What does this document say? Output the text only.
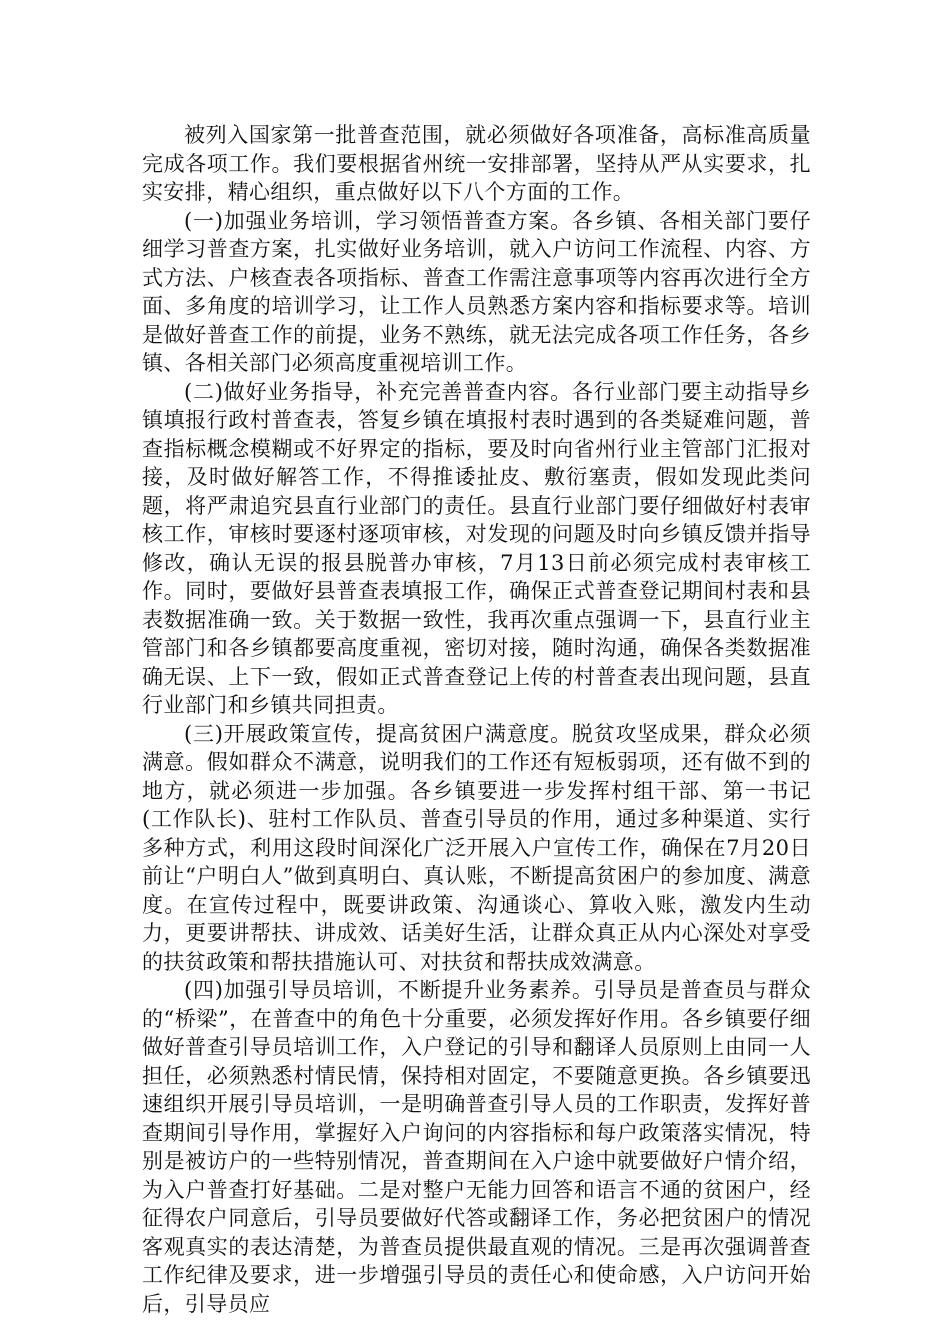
被列入国家第一批普查范围，就必须做好各项准备，高标准高质量完成各项工作。我们要根据省州统一安排部署，坚持从严从实要求，扎实安排，精心组织，重点做好以下八个方面的工作。

(一)加强业务培训，学习领悟普查方案。各乡镇、各相关部门要仔细学习普查方案，扎实做好业务培训，就入户访问工作流程、内容、方式方法、户核查表各项指标、普查工作需注意事项等内容再次进行全方面、多角度的培训学习，让工作人员熟悉方案内容和指标要求等。培训是做好普查工作的前提，业务不熟练，就无法完成各项工作任务，各乡镇、各相关部门必须高度重视培训工作。

(二)做好业务指导，补充完善普查内容。各行业部门要主动指导乡镇填报行政村普查表，答复乡镇在填报村表时遇到的各类疑难问题，普查指标概念模糊或不好界定的指标，要及时向省州行业主管部门汇报对接，及时做好解答工作，不得推诿扯皮、敷衍塞责，假如发现此类问题，将严肃追究县直行业部门的责任。县直行业部门要仔细做好村表审核工作，审核时要逐村逐项审核，对发现的问题及时向乡镇反馈并指导修改，确认无误的报县脱普办审核，7月13日前必须完成村表审核工作。同时，要做好县普查表填报工作，确保正式普查登记期间村表和县表数据准确一致。关于数据一致性，我再次重点强调一下，县直行业主管部门和各乡镇都要高度重视，密切对接，随时沟通，确保各类数据准确无误、上下一致，假如正式普查登记上传的村普查表出现问题，县直行业部门和乡镇共同担责。

(三)开展政策宣传，提高贫困户满意度。脱贫攻坚成果，群众必须满意。假如群众不满意，说明我们的工作还有短板弱项，还有做不到的地方，就必须进一步加强。各乡镇要进一步发挥村组干部、第一书记(工作队长)、驻村工作队员、普查引导员的作用，通过多种渠道、实行多种方式，利用这段时间深化广泛开展入户宣传工作，确保在7月20日前让“户明白人”做到真明白、真认账，不断提高贫困户的参加度、满意度。在宣传过程中，既要讲政策、沟通谈心、算收入账，激发内生动力，更要讲帮扶、讲成效、话美好生活，让群众真正从内心深处对享受的扶贫政策和帮扶措施认可、对扶贫和帮扶成效满意。

(四)加强引导员培训，不断提升业务素养。引导员是普查员与群众的“桥梁”，在普查中的角色十分重要，必须发挥好作用。各乡镇要仔细做好普查引导员培训工作，入户登记的引导和翻译人员原则上由同一人担任，必须熟悉村情民情，保持相对固定，不要随意更换。各乡镇要迅速组织开展引导员培训，一是明确普查引导人员的工作职责，发挥好普查期间引导作用，掌握好入户询问的内容指标和每户政策落实情况，特别是被访户的一些特别情况，普查期间在入户途中就要做好户情介绍，为入户普查打好基础。二是对整户无能力回答和语言不通的贫困户，经征得农户同意后，引导员要做好代答或翻译工作，务必把贫困户的情况客观真实的表达清楚，为普查员提供最直观的情况。三是再次强调普查工作纪律及要求，进一步增强引导员的责任心和使命感，入户访问开始后，引导员应
